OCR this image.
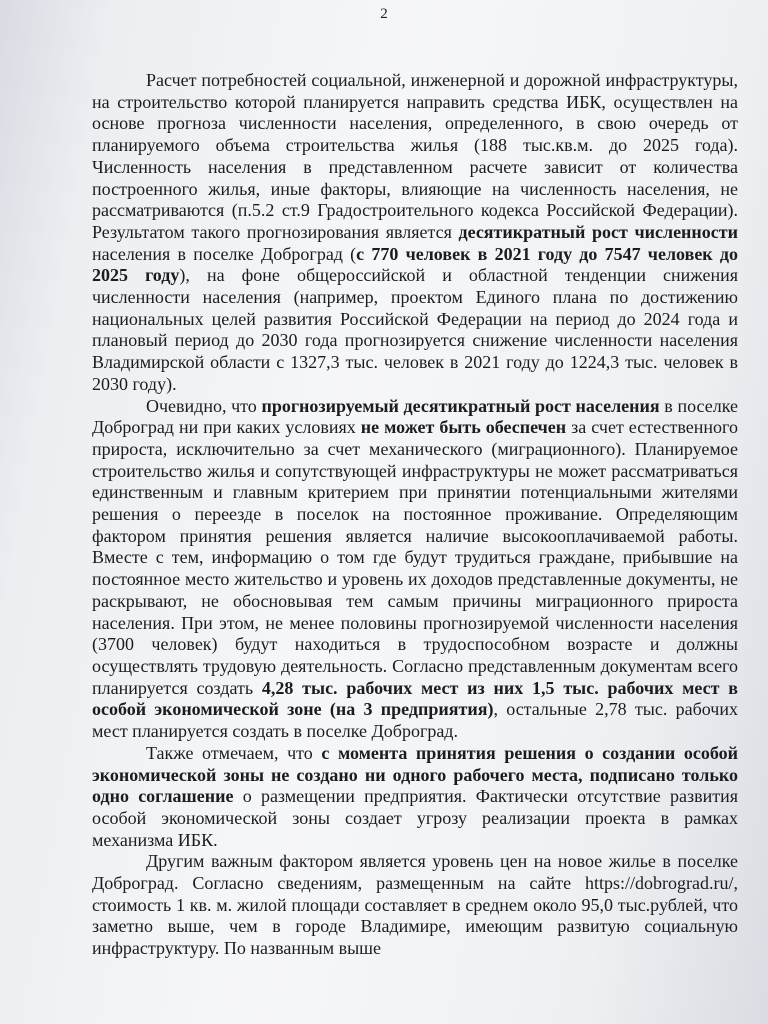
2

Расчет потребностей социальной, инженерной и дорожной инфраструктуры, на строительство которой планируется направить средства ИБК, осуществлен на основе прогноза численности населения, определенного, в свою очередь от планируемого объема строительства жилья (188 тыс.кв.м. до 2025 года). Численность населения в представленном расчете зависит от количества построенного жилья, иные факторы, влияющие на численность населения, не рассматриваются (п.5.2 ст.9 Градостроительного кодекса Российской Федерации). Результатом такого прогнозирования является десятикратный рост численности населения в поселке Доброград (с 770 человек в 2021 году до 7547 человек до 2025 году), на фоне общероссийской и областной тенденции снижения численности населения (например, проектом Единого плана по достижению национальных целей развития Российской Федерации на период до 2024 года и плановый период до 2030 года прогнозируется снижение численности населения Владимирской области с 1327,3 тыс. человек в 2021 году до 1224,3 тыс. человек в 2030 году).

Очевидно, что прогнозируемый десятикратный рост населения в поселке Доброград ни при каких условиях не может быть обеспечен за счет естественного прироста, исключительно за счет механического (миграционного). Планируемое строительство жилья и сопутствующей инфраструктуры не может рассматриваться единственным и главным критерием при принятии потенциальными жителями решения о переезде в поселок на постоянное проживание. Определяющим фактором принятия решения является наличие высокооплачиваемой работы. Вместе с тем, информацию о том где будут трудиться граждане, прибывшие на постоянное место жительство и уровень их доходов представленные документы, не раскрывают, не обосновывая тем самым причины миграционного прироста населения. При этом, не менее половины прогнозируемой численности населения (3700 человек) будут находиться в трудоспособном возрасте и должны осуществлять трудовую деятельность. Согласно представленным документам всего планируется создать 4,28 тыс. рабочих мест из них 1,5 тыс. рабочих мест в особой экономической зоне (на 3 предприятия), остальные 2,78 тыс. рабочих мест планируется создать в поселке Доброград.

Также отмечаем, что с момента принятия решения о создании особой экономической зоны не создано ни одного рабочего места, подписано только одно соглашение о размещении предприятия. Фактически отсутствие развития особой экономической зоны создает угрозу реализации проекта в рамках механизма ИБК.

Другим важным фактором является уровень цен на новое жилье в поселке Доброград. Согласно сведениям, размещенным на сайте https://dobrograd.ru/, стоимость 1 кв. м. жилой площади составляет в среднем около 95,0 тыс.рублей, что заметно выше, чем в городе Владимире, имеющим развитую социальную инфраструктуру. По названным выше
